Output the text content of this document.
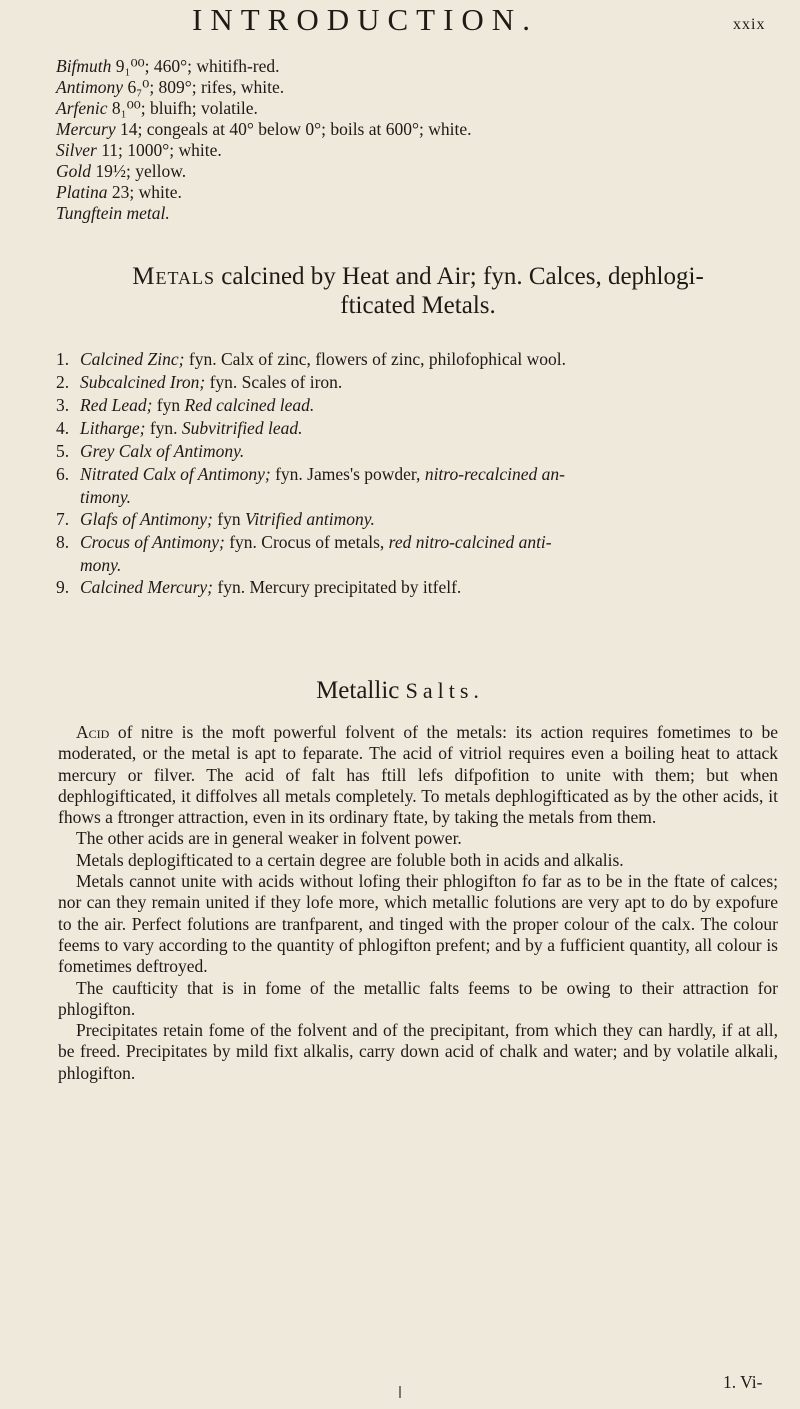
INTRODUCTION.	xxix
Bifmuth 9₁⁰⁰; 460°; whitifh-red.
Antimony 6₇⁰; 809°; rifes, white.
Arfenic 8₁⁰⁰; bluifh; volatile.
Mercury 14; congeals at 40° below 0°; boils at 600°; white.
Silver 11; 1000°; white.
Gold 19½; yellow.
Platina 23; white.
Tungftein metal.
Metals calcined by Heat and Air; fyn. Calces, dephlogi-
fticated Metals.
1. Calcined Zinc; fyn. Calx of zinc, flowers of zinc, philofophical wool.
2. Subcalcined Iron; fyn. Scales of iron.
3. Red Lead; fyn Red calcined lead.
4. Litharge; fyn. Subvitrified lead.
5. Grey Calx of Antimony.
6. Nitrated Calx of Antimony; fyn. James's powder, nitro-recalcined an-
timony.
7. Glafs of Antimony; fyn Vitrified antimony.
8. Crocus of Antimony; fyn. Crocus of metals, red nitro-calcined anti-
mony.
9. Calcined Mercury; fyn. Mercury precipitated by itfelf.
Metallic Salts.

Acid of nitre is the moft powerful folvent of the metals: its action requires fometimes to be moderated, or the metal is apt to feparate. The acid of vitriol requires even a boiling heat to attack mercury or filver. The acid of falt has ftill lefs difpofition to unite with them; but when dephlogifticated, it diffolves all metals completely. To metals dephlogifticated as by the other acids, it fhows a ftronger attraction, even in its ordinary ftate, by taking the metals from them.

The other acids are in general weaker in folvent power.

Metals deplogifticated to a certain degree are foluble both in acids and alkalis.

Metals cannot unite with acids without lofing their phlogifton fo far as to be in the ftate of calces; nor can they remain united if they lofe more, which metallic folutions are very apt to do by expofure to the air. Perfect folutions are tranfparent, and tinged with the proper colour of the calx. The colour feems to vary according to the quantity of phlogifton prefent; and by a fufficient quantity, all colour is fometimes deftroyed.

The caufticity that is in fome of the metallic falts feems to be owing to their attraction for phlogifton.

Precipitates retain fome of the folvent and of the precipitant, from which they can hardly, if at all, be freed. Precipitates by mild fixt alkalis, carry down acid of chalk and water; and by volatile alkali, phlogifton.

1. Vi-
